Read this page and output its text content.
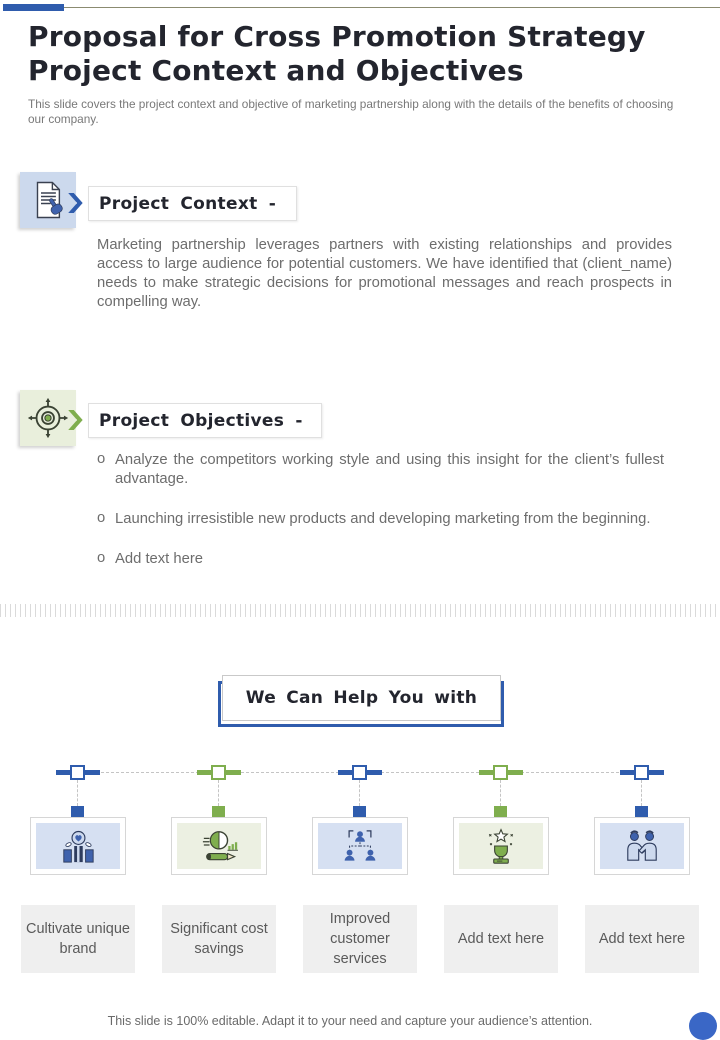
Proposal for Cross Promotion Strategy
Project Context and Objectives
This slide covers the project context and objective of marketing partnership along with the details of the benefits of choosing our company.
Project Context -

Marketing partnership leverages partners with existing relationships and provides access to large audience for potential customers. We have identified that (client_name) needs to make strategic decisions for promotional messages and reach prospects in compelling way.

Project Objectives -
o Analyze the competitors working style and using this insight for the client’s fullest advantage.
o Launching irresistible new products and developing marketing from the beginning.
o Add text here
We Can Help You with
Cultivate unique brand
Significant cost savings
Improved customer services
Add text here	Add text here
This slide is 100% editable. Adapt it to your need and capture your audience’s attention.
